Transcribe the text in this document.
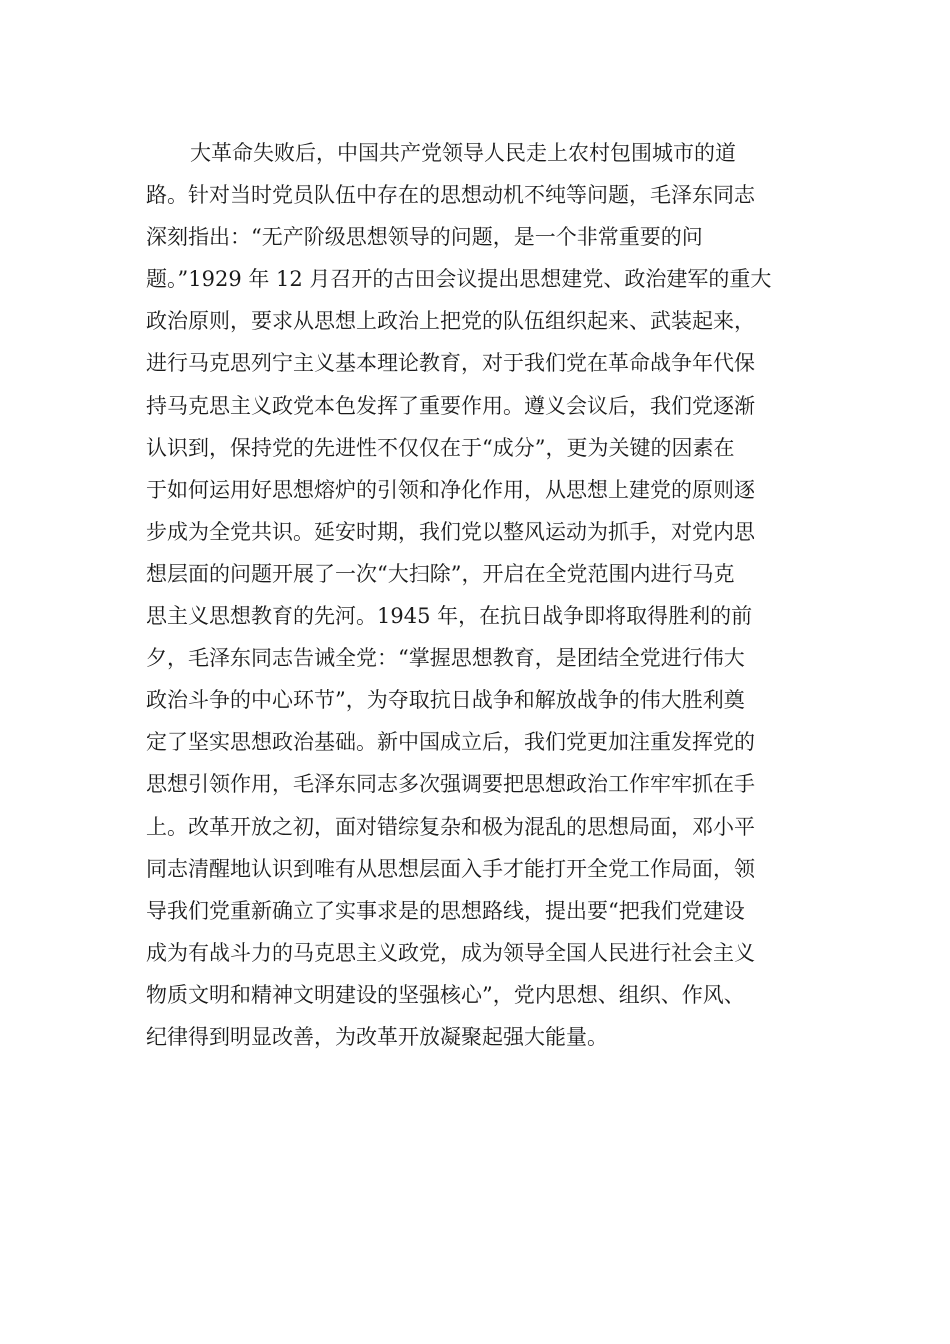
大革命失败后，中国共产党领导人民走上农村包围城市的道
路。针对当时党员队伍中存在的思想动机不纯等问题，毛泽东同志
深刻指出：“无产阶级思想领导的问题，是一个非常重要的问
题。”1929 年 12 月召开的古田会议提出思想建党、政治建军的重大
政治原则，要求从思想上政治上把党的队伍组织起来、武装起来，
进行马克思列宁主义基本理论教育，对于我们党在革命战争年代保
持马克思主义政党本色发挥了重要作用。遵义会议后，我们党逐渐
认识到，保持党的先进性不仅仅在于“成分”，更为关键的因素在
于如何运用好思想熔炉的引领和净化作用，从思想上建党的原则逐
步成为全党共识。延安时期，我们党以整风运动为抓手，对党内思
想层面的问题开展了一次“大扫除”，开启在全党范围内进行马克
思主义思想教育的先河。1945 年，在抗日战争即将取得胜利的前
夕，毛泽东同志告诫全党：“掌握思想教育，是团结全党进行伟大
政治斗争的中心环节”，为夺取抗日战争和解放战争的伟大胜利奠
定了坚实思想政治基础。新中国成立后，我们党更加注重发挥党的
思想引领作用，毛泽东同志多次强调要把思想政治工作牢牢抓在手
上。改革开放之初，面对错综复杂和极为混乱的思想局面，邓小平
同志清醒地认识到唯有从思想层面入手才能打开全党工作局面，领
导我们党重新确立了实事求是的思想路线，提出要“把我们党建设
成为有战斗力的马克思主义政党，成为领导全国人民进行社会主义
物质文明和精神文明建设的坚强核心”，党内思想、组织、作风、
纪律得到明显改善，为改革开放凝聚起强大能量。
